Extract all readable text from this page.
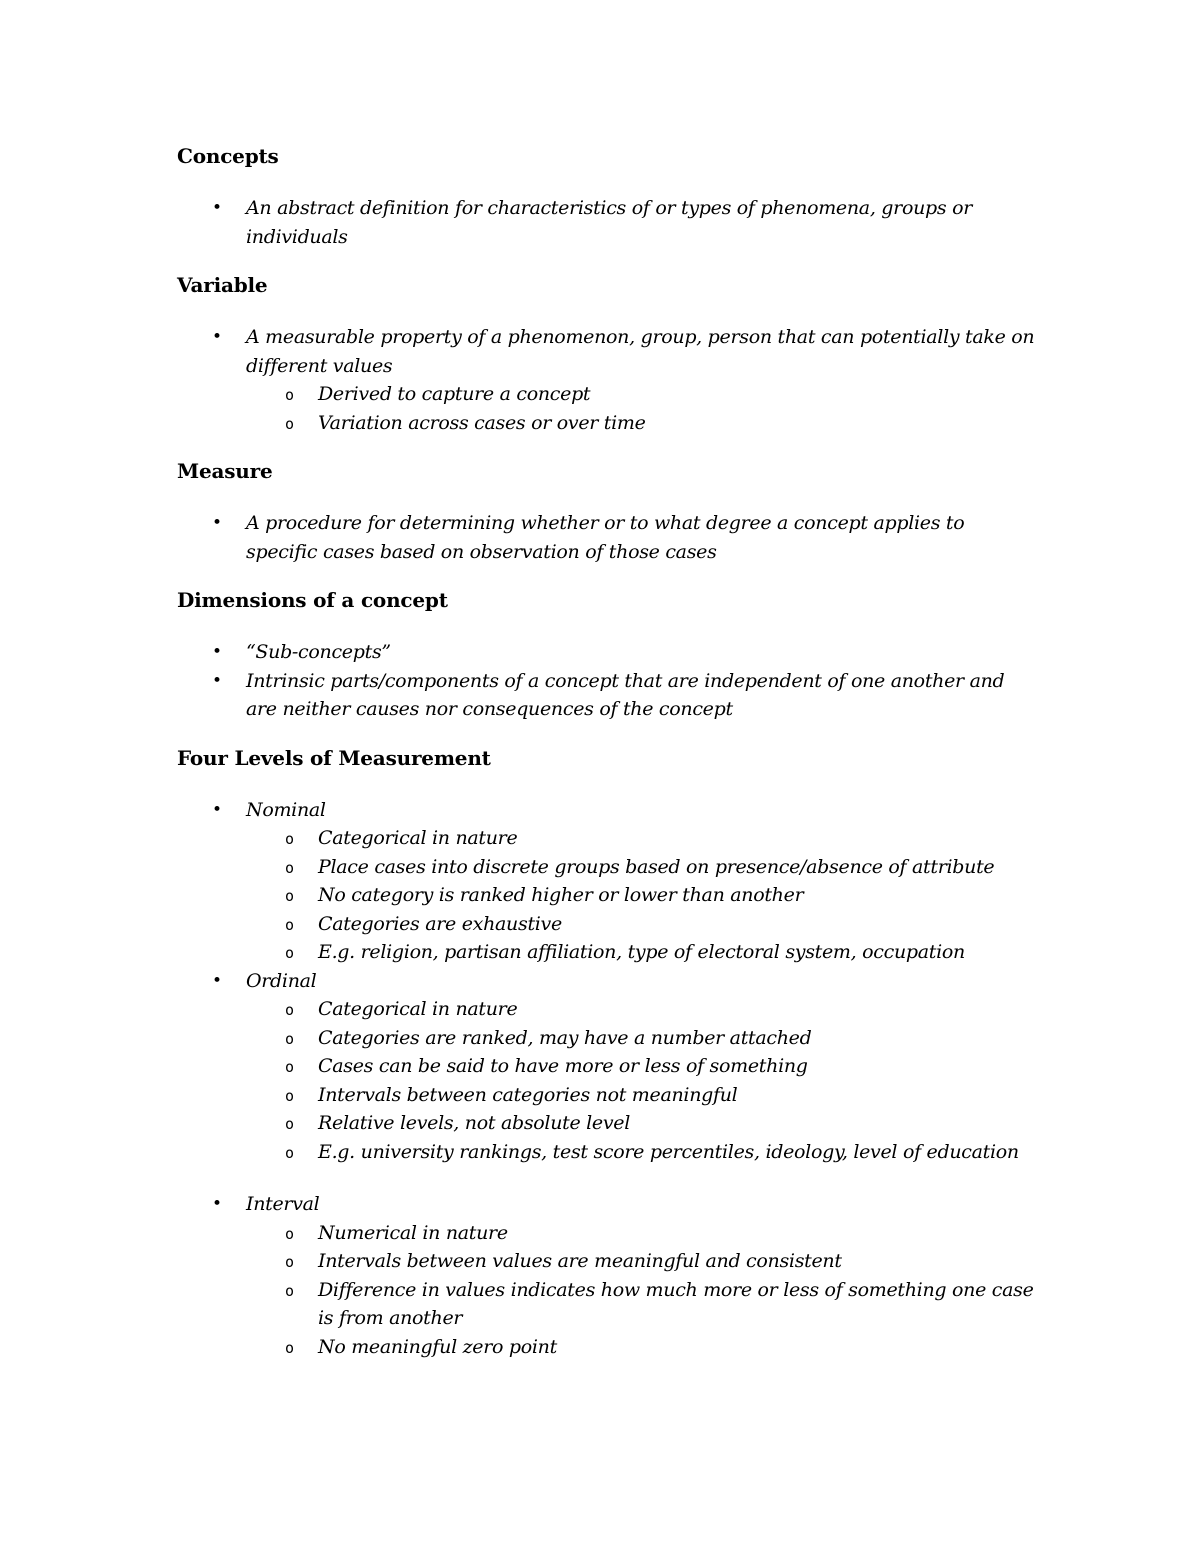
Concepts
• An abstract definition for characteristics of or types of phenomena, groups or individuals
Variable
• A measurable property of a phenomenon, group, person that can potentially take on different values
o Derived to capture a concept
o Variation across cases or over time
Measure
• A procedure for determining whether or to what degree a concept applies to specific cases based on observation of those cases
Dimensions of a concept
• “Sub-concepts”
• Intrinsic parts/components of a concept that are independent of one another and are neither causes nor consequences of the concept
Four Levels of Measurement
• Nominal
o Categorical in nature
o Place cases into discrete groups based on presence/absence of attribute
o No category is ranked higher or lower than another
o Categories are exhaustive
o E.g. religion, partisan affiliation, type of electoral system, occupation
• Ordinal
o Categorical in nature
o Categories are ranked, may have a number attached
o Cases can be said to have more or less of something
o Intervals between categories not meaningful
o Relative levels, not absolute level
o E.g. university rankings, test score percentiles, ideology, level of education
• Interval
o Numerical in nature
o Intervals between values are meaningful and consistent
o Difference in values indicates how much more or less of something one case is from another
o No meaningful zero point
